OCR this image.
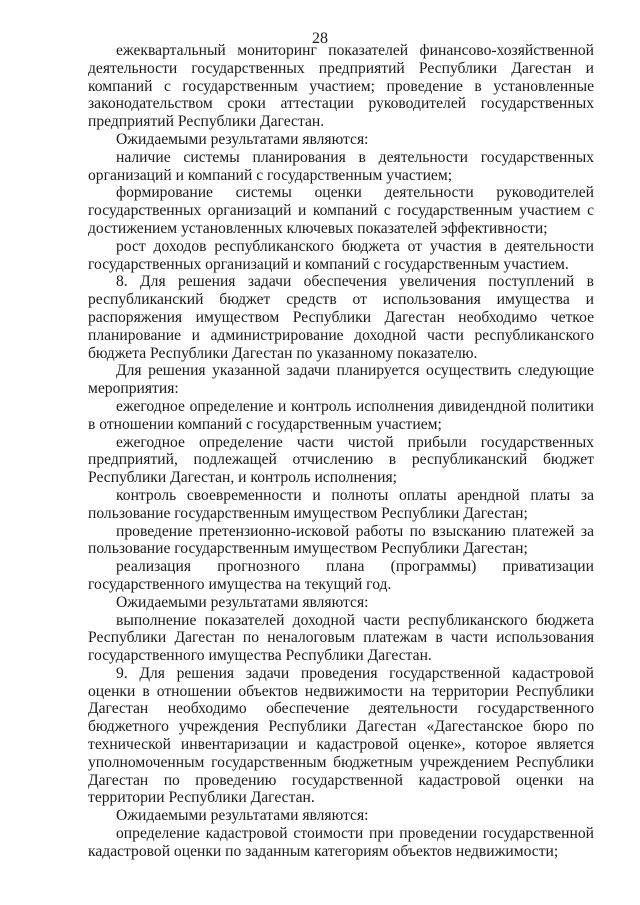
28

ежеквартальный мониторинг показателей финансово-хозяйственной деятельности государственных предприятий Республики Дагестан и компаний с государственным участием; проведение в установленные законодательством сроки аттестации руководителей государственных предприятий Республики Дагестан.

Ожидаемыми результатами являются:

наличие системы планирования в деятельности государственных организаций и компаний с государственным участием;

формирование системы оценки деятельности руководителей государственных организаций и компаний с государственным участием с достижением установленных ключевых показателей эффективности;

рост доходов республиканского бюджета от участия в деятельности государственных организаций и компаний с государственным участием.

8. Для решения задачи обеспечения увеличения поступлений в республиканский бюджет средств от использования имущества и распоряжения имуществом Республики Дагестан необходимо четкое планирование и администрирование доходной части республиканского бюджета Республики Дагестан по указанному показателю.

Для решения указанной задачи планируется осуществить следующие мероприятия:

ежегодное определение и контроль исполнения дивидендной политики в отношении компаний с государственным участием;

ежегодное определение части чистой прибыли государственных предприятий, подлежащей отчислению в республиканский бюджет Республики Дагестан, и контроль исполнения;

контроль своевременности и полноты оплаты арендной платы за пользование государственным имуществом Республики Дагестан;

проведение претензионно-исковой работы по взысканию платежей за пользование государственным имуществом Республики Дагестан;

реализация прогнозного плана (программы) приватизации государственного имущества на текущий год.

Ожидаемыми результатами являются:

выполнение показателей доходной части республиканского бюджета Республики Дагестан по неналоговым платежам в части использования государственного имущества Республики Дагестан.

9. Для решения задачи проведения государственной кадастровой оценки в отношении объектов недвижимости на территории Республики Дагестан необходимо обеспечение деятельности государственного бюджетного учреждения Республики Дагестан «Дагестанское бюро по технической инвентаризации и кадастровой оценке», которое является уполномоченным государственным бюджетным учреждением Республики Дагестан по проведению государственной кадастровой оценки на территории Республики Дагестан.

Ожидаемыми результатами являются:

определение кадастровой стоимости при проведении государственной кадастровой оценки по заданным категориям объектов недвижимости;
